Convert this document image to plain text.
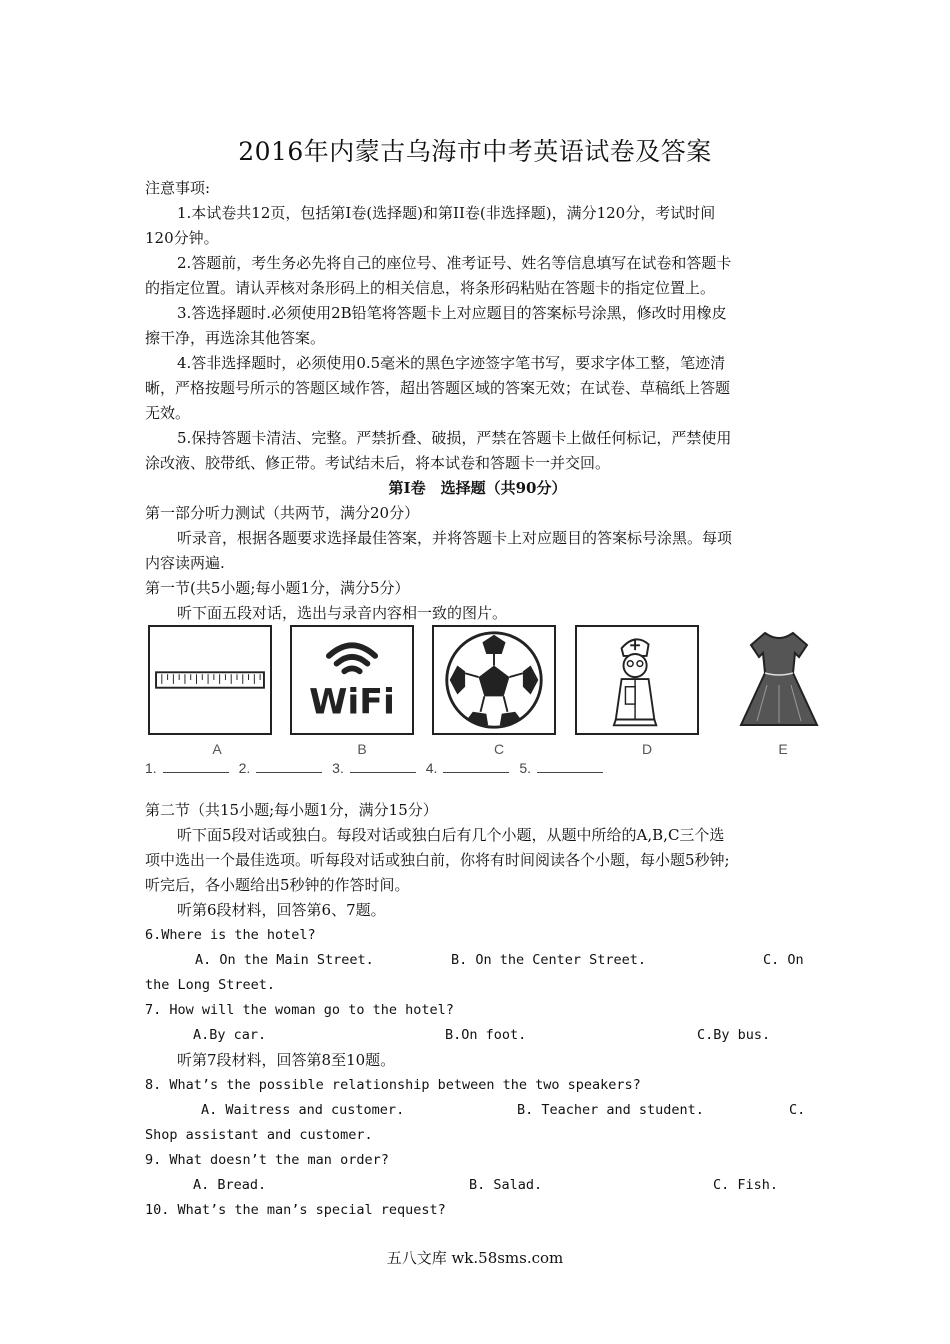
2016年内蒙古乌海市中考英语试卷及答案
注意事项:
1.本试卷共12页，包括第Ⅰ卷(选择题)和第II卷(非选择题)，满分120分，考试时间
120分钟。
2.答题前，考生务必先将自己的座位号、准考证号、姓名等信息填写在试卷和答题卡
的指定位置。请认弄核对条形码上的相关信息，将条形码粘贴在答题卡的指定位置上。
3.答选择题时.必须使用2B铅笔将答题卡上对应题目的答案标号涂黑，修改时用橡皮
擦干净，再选涂其他答案。
4.答非选择题时，必须使用0.5毫米的黑色字迹签字笔书写，要求字体工整，笔迹清
晰，严格按题号所示的答题区域作答，超出答题区域的答案无效；在试卷、草稿纸上答题
无效。
5.保持答题卡清洁、完整。严禁折叠、破损，严禁在答题卡上做任何标记，严禁使用
涂改液、胶带纸、修正带。考试结未后，将本试卷和答题卡一并交回。
第Ⅰ卷　选择题（共90分）
第一部分听力测试（共两节，满分20分）
听录音，根据各题要求选择最佳答案，并将答题卡上对应题目的答案标号涂黑。每项
内容读两遍.
第一节(共5小题;每小题1分，满分5分）
听下面五段对话，选出与录音内容相一致的图片。
WiFi
A	B	C	D	E
1.	2.	3.	4.	5.
第二节（共15小题;每小题1分，满分15分）
听下面5段对话或独白。每段对话或独白后有几个小题，从题中所给的A,B,C三个选
项中选出一个最佳选项。听每段对话或独白前，你将有时间阅读各个小题，每小题5秒钟;
听完后，各小题给出5秒钟的作答时间。
听第6段材料，回答第6、7题。
6.Where is the hotel?
A. On the Main Street.	B. On the Center Street.	C. On
the Long Street.
7. How will the woman go to the hotel?
A.By car.	B.On foot.	C.By bus.
听第7段材料，回答第8至10题。
8. What’s the possible relationship between the two speakers?
A. Waitress and customer.	B. Teacher and student.	C.
Shop assistant and customer.
9. What doesn’t the man order?
A. Bread.	B. Salad.	C. Fish.
10. What’s the man’s special request?
五八文库 wk.58sms.com
